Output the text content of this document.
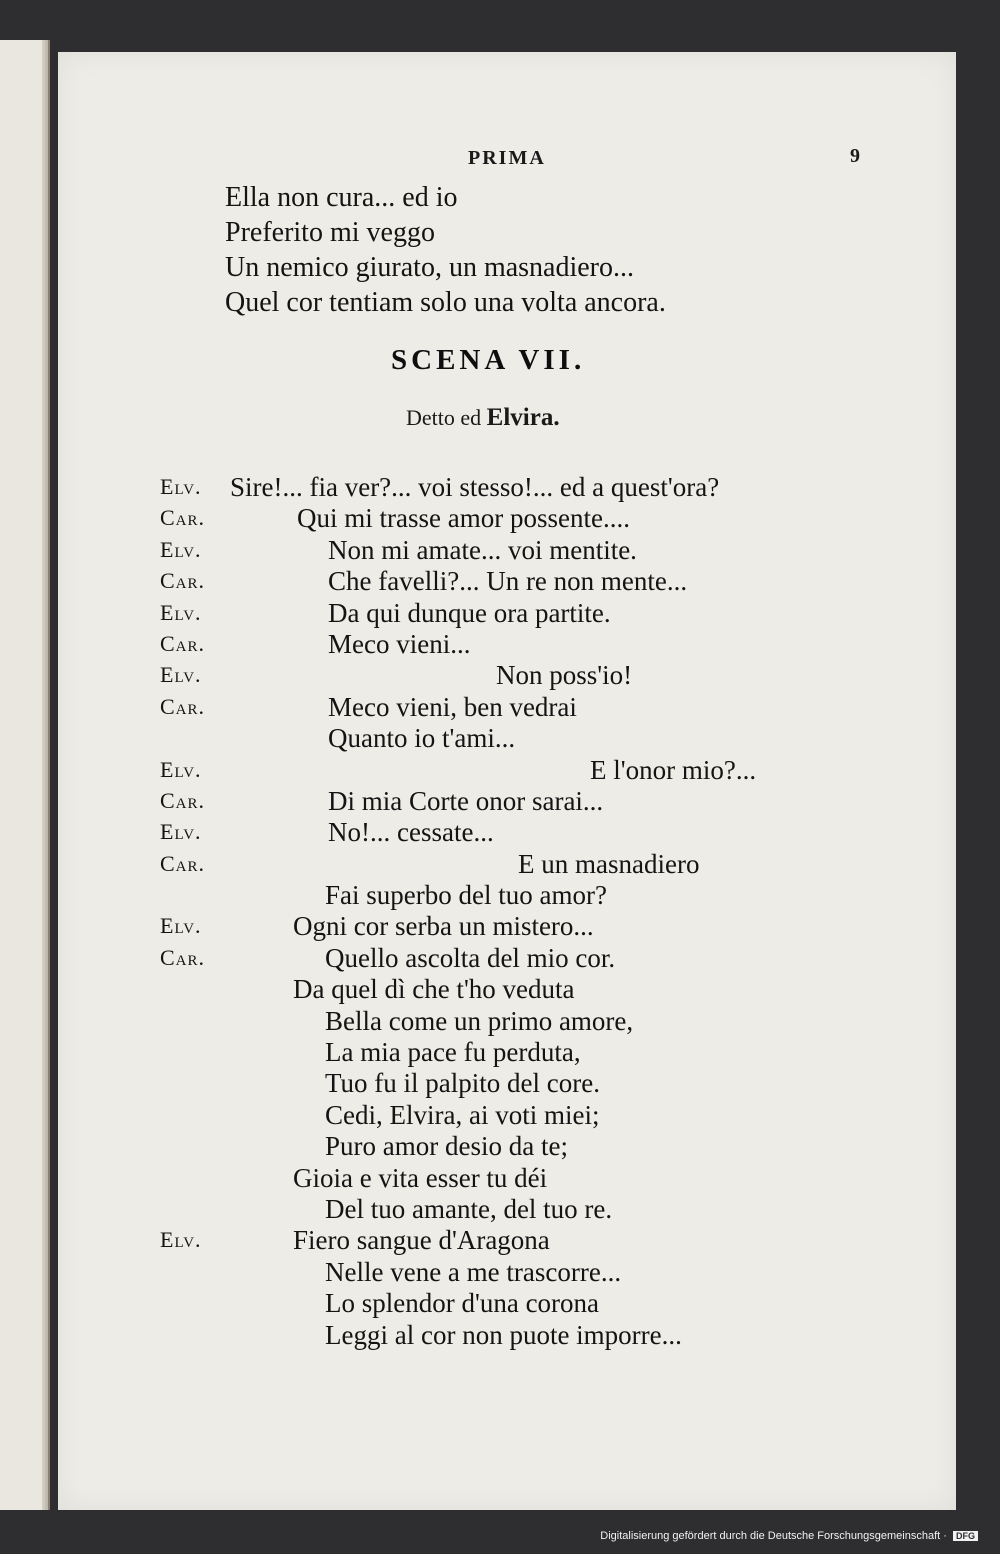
PRIMA	9
Ella non cura... ed io
Preferito mi veggo
Un nemico giurato, un masnadiero...
Quel cor tentiam solo una volta ancora.
SCENA VII.
Detto ed Elvira.
Elv. Sire!... fia ver?... voi stesso!... ed a quest'ora?
Car.	Qui mi trasse amor possente....
Elv.	Non mi amate... voi mentite.
Car.	Che favelli?... Un re non mente...
Elv.	Da qui dunque ora partite.
Car.	Meco vieni...
Elv.	Non poss'io!
Car.	Meco vieni, ben vedrai
Quanto io t'ami...
Elv.	E l'onor mio?...
Car.	Di mia Corte onor sarai...
Elv.	No!... cessate...
Car.	E un masnadiero
Fai superbo del tuo amor?
Elv.	Ogni cor serba un mistero...
Car.	Quello ascolta del mio cor.
Da quel dì che t'ho veduta
Bella come un primo amore,
La mia pace fu perduta,
Tuo fu il palpito del core.
Cedi, Elvira, ai voti miei;
Puro amor desio da te;
Gioia e vita esser tu déi
Del tuo amante, del tuo re.
Elv.	Fiero sangue d'Aragona
Nelle vene a me trascorre...
Lo splendor d'una corona
Leggi al cor non puote imporre...
Digitalisierung gefördert durch die Deutsche Forschungsgemeinschaft · DFG
